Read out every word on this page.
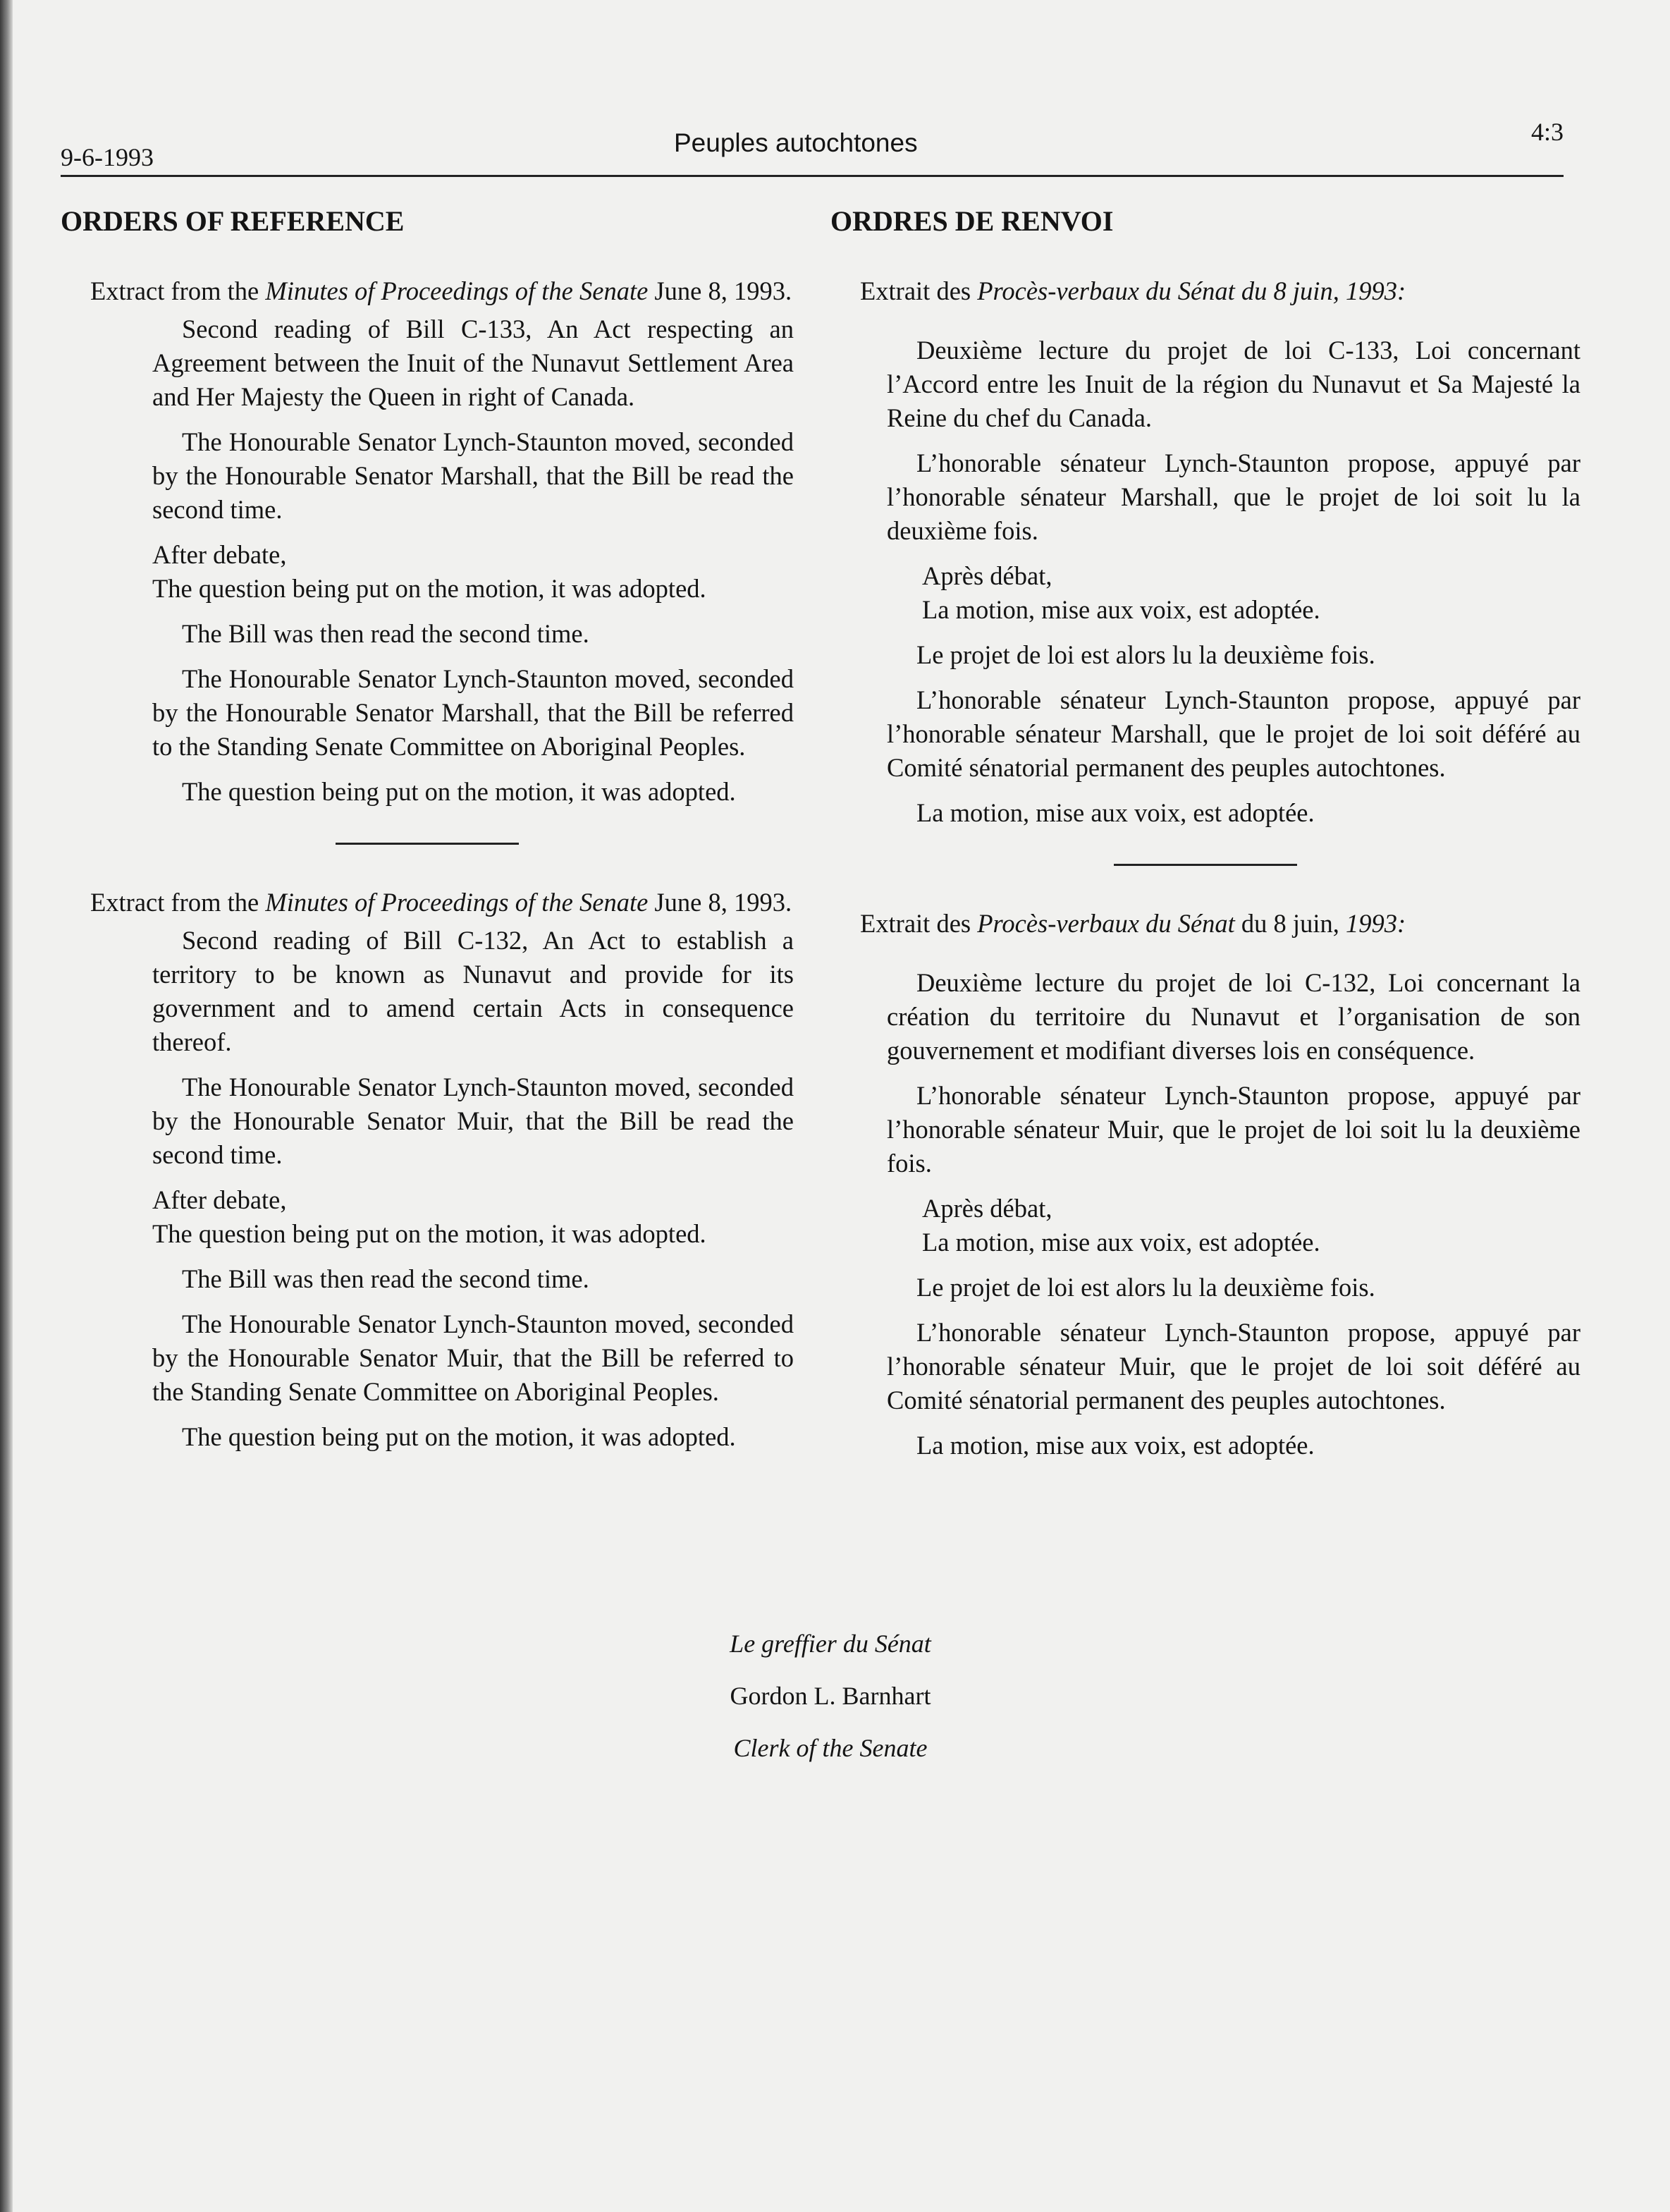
9-6-1993	Peuples autochtones	4:3
ORDERS OF REFERENCE

Extract from the Minutes of Proceedings of the Senate June 8, 1993.

Second reading of Bill C-133, An Act respecting an Agreement between the Inuit of the Nunavut Settlement Area and Her Majesty the Queen in right of Canada.

The Honourable Senator Lynch-Staunton moved, seconded by the Honourable Senator Marshall, that the Bill be read the second time.

After debate,

The question being put on the motion, it was adopted.

The Bill was then read the second time.

The Honourable Senator Lynch-Staunton moved, seconded by the Honourable Senator Marshall, that the Bill be referred to the Standing Senate Committee on Aboriginal Peoples.

The question being put on the motion, it was adopted.

Extract from the Minutes of Proceedings of the Senate June 8, 1993.

Second reading of Bill C-132, An Act to establish a territory to be known as Nunavut and provide for its government and to amend certain Acts in consequence thereof.

The Honourable Senator Lynch-Staunton moved, seconded by the Honourable Senator Muir, that the Bill be read the second time.

After debate,

The question being put on the motion, it was adopted.

The Bill was then read the second time.

The Honourable Senator Lynch-Staunton moved, seconded by the Honourable Senator Muir, that the Bill be referred to the Standing Senate Committee on Aboriginal Peoples.

The question being put on the motion, it was adopted.

ORDRES DE RENVOI

Extrait des Procès-verbaux du Sénat du 8 juin, 1993:

Deuxième lecture du projet de loi C-133, Loi concernant l’Accord entre les Inuit de la région du Nunavut et Sa Majesté la Reine du chef du Canada.

L’honorable sénateur Lynch-Staunton propose, appuyé par l’honorable sénateur Marshall, que le projet de loi soit lu la deuxième fois.

Après débat,

La motion, mise aux voix, est adoptée.

Le projet de loi est alors lu la deuxième fois.

L’honorable sénateur Lynch-Staunton propose, appuyé par l’honorable sénateur Marshall, que le projet de loi soit déféré au Comité sénatorial permanent des peuples autochtones.

La motion, mise aux voix, est adoptée.

Extrait des Procès-verbaux du Sénat du 8 juin, 1993:

Deuxième lecture du projet de loi C-132, Loi concernant la création du territoire du Nunavut et l’organisation de son gouvernement et modifiant diverses lois en conséquence.

L’honorable sénateur Lynch-Staunton propose, appuyé par l’honorable sénateur Muir, que le projet de loi soit lu la deuxième fois.

Après débat,

La motion, mise aux voix, est adoptée.

Le projet de loi est alors lu la deuxième fois.

L’honorable sénateur Lynch-Staunton propose, appuyé par l’honorable sénateur Muir, que le projet de loi soit déféré au Comité sénatorial permanent des peuples autochtones.

La motion, mise aux voix, est adoptée.

Le greffier du Sénat
Gordon L. Barnhart
Clerk of the Senate
